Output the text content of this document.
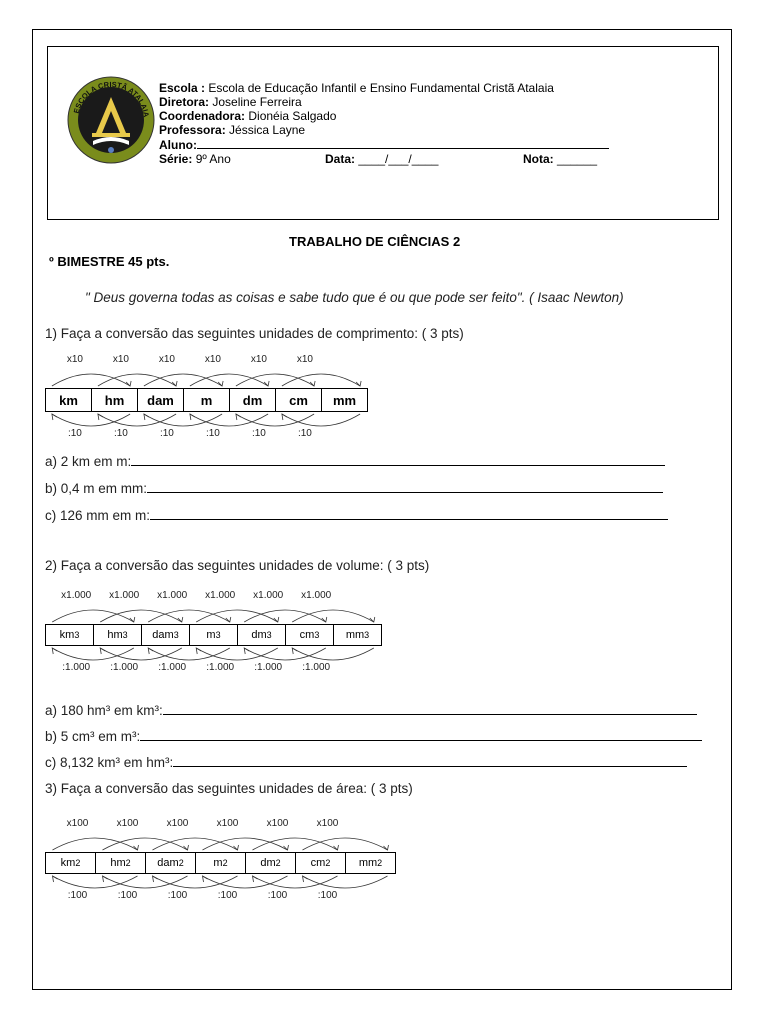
ESCOLA CRISTÃ ATALAIA
Escola : Escola de Educação Infantil e Ensino Fundamental Cristã Atalaia
Diretora: Joseline Ferreira
Coordenadora: Dionéia Salgado
Professora: Jéssica Layne
Aluno:
Série: 9º Ano	Data: ____/___/____	Nota: ______
TRABALHO DE CIÊNCIAS 2
º BIMESTRE 45 pts.
" Deus governa todas as coisas e sabe tudo que é ou que pode ser feito". ( Isaac Newton)
1) Faça a conversão das seguintes unidades de comprimento: ( 3 pts)
x10
:10
x10
:10
x10
:10
x10
:10
x10
:10
x10
:10
km hm dam m dm cm mm
a) 2 km em m:
b) 0,4 m em mm:
c) 126 mm em m:
2) Faça a conversão das seguintes unidades de volume: ( 3 pts)
x1.000
:1.000
x1.000
:1.000
x1.000
:1.000
x1.000
:1.000
x1.000
:1.000
x1.000
:1.000
km 3	hm 3 dam 3	m 3	dm 3	cm 3 mm 3
a) 180 hm³ em km³:
b) 5 cm³ em m³:
c) 8,132 km³ em hm³:
3) Faça a conversão das seguintes unidades de área: ( 3 pts)
x100
:100
x100
:100
x100
:100
x100
:100
x100
:100
x100
:100
km 2	hm 2 dam 2	m 2	dm 2	cm 2	mm 2
